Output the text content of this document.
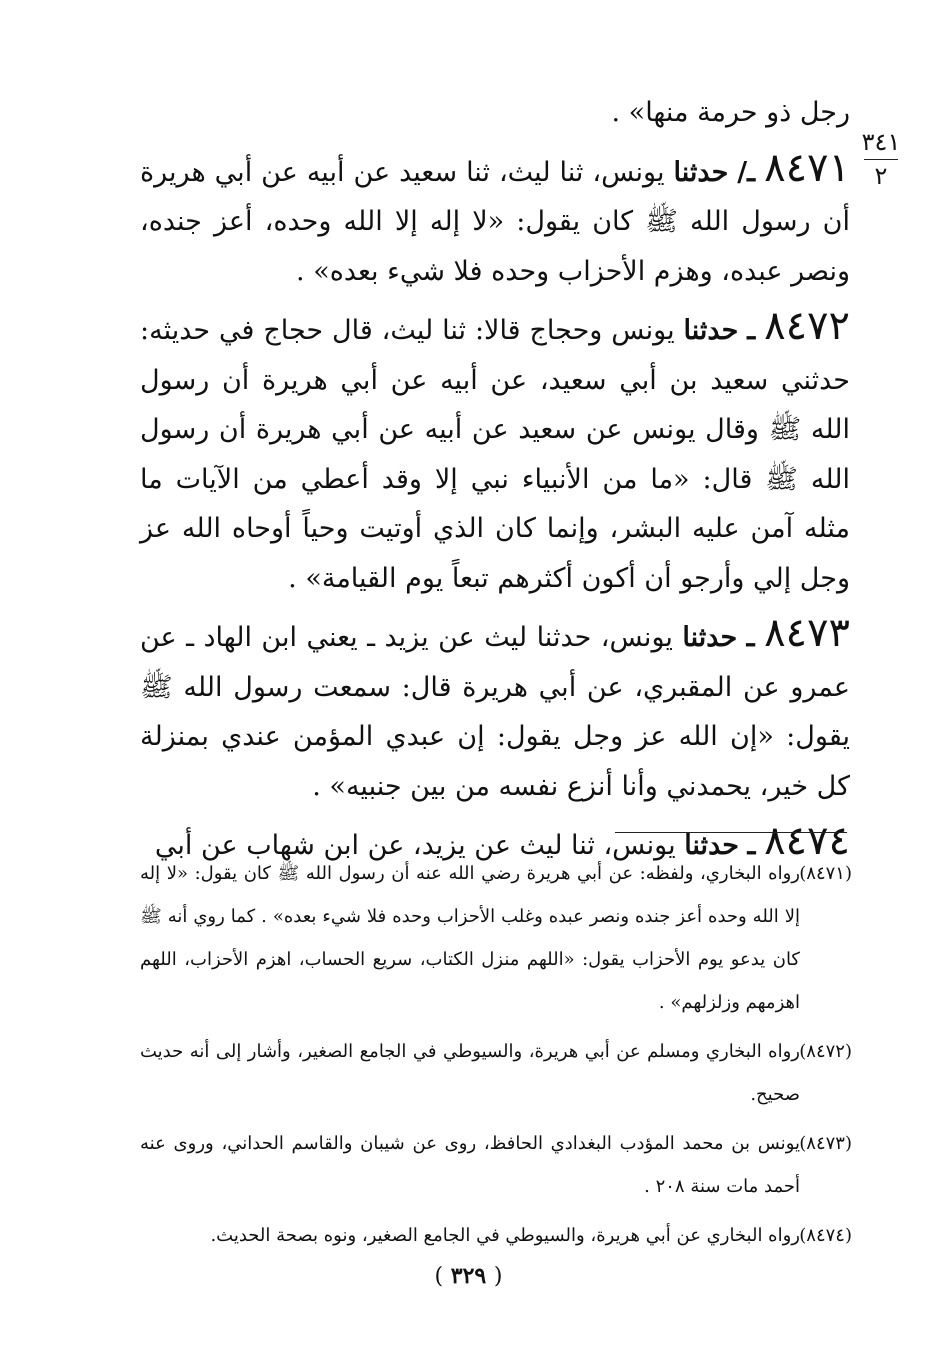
٣٤١
٢

رجل ذو حرمة منها» .

٨٤٧١ ـ/ حدثنا يونس، ثنا ليث، ثنا سعيد عن أبيه عن أبي هريرة أن رسول الله ﷺ كان يقول: «لا إله إلا الله وحده، أعز جنده، ونصر عبده، وهزم الأحزاب وحده فلا شيء بعده» .

٨٤٧٢ ـ حدثنا يونس وحجاج قالا: ثنا ليث، قال حجاج في حديثه: حدثني سعيد بن أبي سعيد، عن أبيه عن أبي هريرة أن رسول الله ﷺ وقال يونس عن سعيد عن أبيه عن أبي هريرة أن رسول الله ﷺ قال: «ما من الأنبياء نبي إلا وقد أعطي من الآيات ما مثله آمن عليه البشر، وإنما كان الذي أوتيت وحياً أوحاه الله عز وجل إلي وأرجو أن أكون أكثرهم تبعاً يوم القيامة» .

٨٤٧٣ ـ حدثنا يونس، حدثنا ليث عن يزيد ـ يعني ابن الهاد ـ عن عمرو عن المقبري، عن أبي هريرة قال: سمعت رسول الله ﷺ يقول: «إن الله عز وجل يقول: إن عبدي المؤمن عندي بمنزلة كل خير، يحمدني وأنا أنزع نفسه من بين جنبيه» .

٨٤٧٤ ـ حدثنا يونس، ثنا ليث عن يزيد، عن ابن شهاب عن أبي

(٨٤٧١)رواه البخاري، ولفظه: عن أبي هريرة رضي الله عنه أن رسول الله ﷺ كان يقول: «لا إله إلا الله وحده أعز جنده ونصر عبده وغلب الأحزاب وحده فلا شيء بعده» . كما روي أنه ﷺ كان يدعو يوم الأحزاب يقول: «اللهم منزل الكتاب، سريع الحساب، اهزم الأحزاب، اللهم اهزمهم وزلزلهم» .

(٨٤٧٢)رواه البخاري ومسلم عن أبي هريرة، والسيوطي في الجامع الصغير، وأشار إلى أنه حديث صحيح.

(٨٤٧٣)يونس بن محمد المؤدب البغدادي الحافظ، روى عن شيبان والقاسم الحداني، وروى عنه أحمد مات سنة ٢٠٨ .

(٨٤٧٤)رواه البخاري عن أبي هريرة، والسيوطي في الجامع الصغير، ونوه بصحة الحديث.

( ٣٢٩ )
